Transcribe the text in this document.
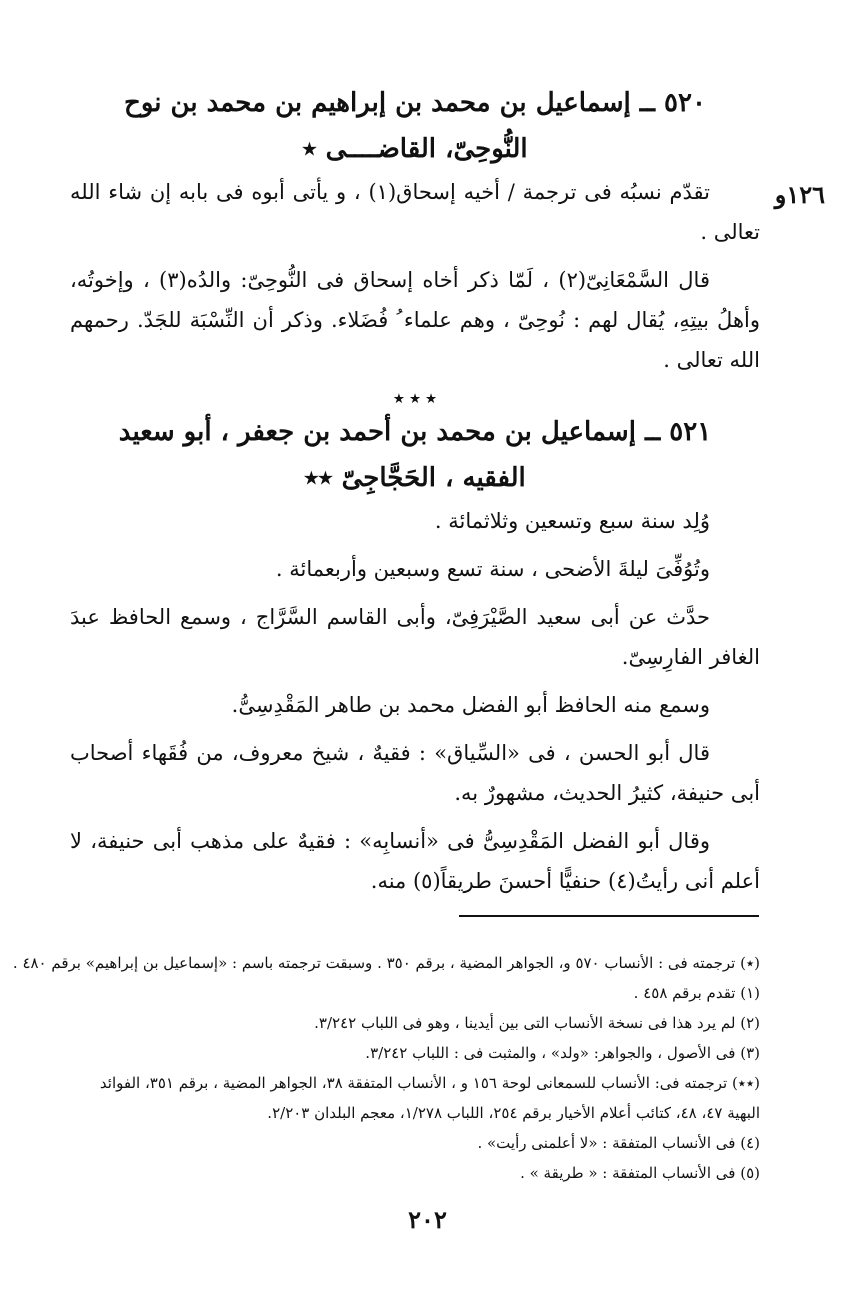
١٢٦و
٥٢٠ ــ إسماعيل بن محمد بن إبراهيم بن محمد بن نوح
النُّوحِىّ، القاضــــى ٭

تقدّم نسبُه فى ترجمة / أخيه إسحاق(١) ، و يأتى أبوه فى بابه إن شاء الله تعالى .

قال السَّمْعَانِىّ(٢) ، لَمّا ذكر أخاه إسحاق فى النُّوحِىّ: والدُه(٣) ، وإخوتُه، وأهلُ بيتِهِ، يُقال لهم : نُوحِىّ ، وهم علماء ُ فُضَلاء. وذكر أن النِّسْبَة للجَدّ. رحمهم الله تعالى .

٭ ٭ ٭
٥٢١ ــ إسماعيل بن محمد بن أحمد بن جعفر ، أبو سعيد
الفقيه ، الحَجَّاجِىّ ٭٭

وُلِد سنة سبع وتسعين وثلاثمائة .

وتُوُفِّىَ ليلةَ الأضحى ، سنة تسع وسبعين وأربعمائة .

حدَّث عن أبى سعيد الصَّيْرَفِىّ، وأبى القاسم السَّرَّاج ، وسمع الحافظ عبدَ الغافر الفارِسِىّ.

وسمع منه الحافظ أبو الفضل محمد بن طاهر المَقْدِسِىُّ.

قال أبو الحسن ، فى «السِّياق» : فقيهٌ ، شيخ معروف، من فُقَهاء أصحاب أبى حنيفة، كثيرُ الحديث، مشهورٌ به.

وقال أبو الفضل المَقْدِسِىُّ فى «أنسابِه» : فقيهٌ على مذهب أبى حنيفة، لا أعلم أنى رأيتُ(٤) حنفيًّا أحسنَ طريقاً(٥) منه.

(٭) ترجمته فى : الأنساب ٥٧٠ و، الجواهر المضية ، برقم ٣٥٠ . وسبقت ترجمته باسم : «إسماعيل بن إبراهيم» برقم ٤٨٠ .
(١) تقدم برقم ٤٥٨ .
(٢) لم يرد هذا فى نسخة الأنساب التى بين أيدينا ، وهو فى اللباب ٣/٢٤٢.
(٣) فى الأصول ، والجواهر: «ولد» ، والمثبت فى : اللباب ٣/٢٤٢.
(٭٭) ترجمته فى: الأنساب للسمعانى لوحة ١٥٦ و ، الأنساب المتفقة ٣٨، الجواهر المضية ، برقم ٣٥١، الفوائد البهية ٤٧، ٤٨، كتائب أعلام الأخيار برقم ٢٥٤، اللباب ١/٢٧٨، معجم البلدان ٢/٢٠٣.
(٤) فى الأنساب المتفقة : «لا أعلمنى رأيت» .
(٥) فى الأنساب المتفقة : « طريقة » .
٢٠٢
